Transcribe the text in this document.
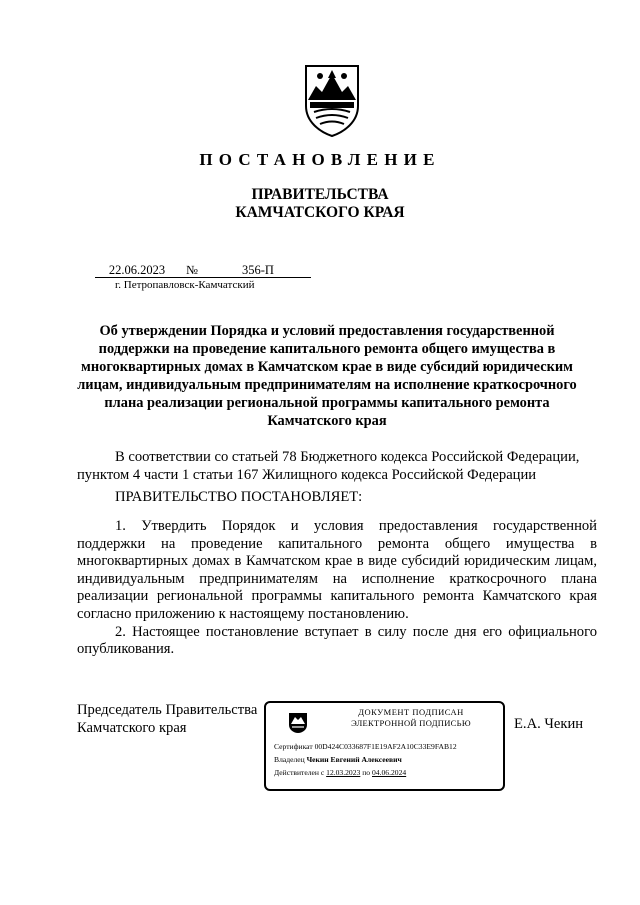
ПОСТАНОВЛЕНИЕ
ПРАВИТЕЛЬСТВА
КАМЧАТСКОГО КРАЯ
22.06.2023 №	356-П
г. Петропавловск-Камчатский
Об утверждении Порядка и условий предоставления государственной поддержки на проведение капитального ремонта общего имущества в многоквартирных домах в Камчатском крае в виде субсидий юридическим лицам, индивидуальным предпринимателям на исполнение краткосрочного плана реализации региональной программы капитального ремонта Камчатского края
В соответствии со статьей 78 Бюджетного кодекса Российской Федерации,
пунктом 4 части 1 статьи 167 Жилищного кодекса Российской Федерации
ПРАВИТЕЛЬСТВО ПОСТАНОВЛЯЕТ:

1. Утвердить Порядок и условия предоставления государственной поддержки на проведение капитального ремонта общего имущества в многоквартирных домах в Камчатском крае в виде субсидий юридическим лицам, индивидуальным предпринимателям на исполнение краткосрочного плана реализации региональной программы капитального ремонта Камчатского края согласно приложению к настоящему постановлению.

2. Настоящее постановление вступает в силу после дня его официального опубликования.

Председатель Правительства
Камчатского края
ДОКУМЕНТ ПОДПИСАН
ЭЛЕКТРОННОЙ ПОДПИСЬЮ
Сертификат 00D424C033687F1E19AF2A10C33E9FAB12
Владелец Чекин Евгений Алексеевич
Действителен с 12.03.2023 по 04.06.2024
Е.А. Чекин
